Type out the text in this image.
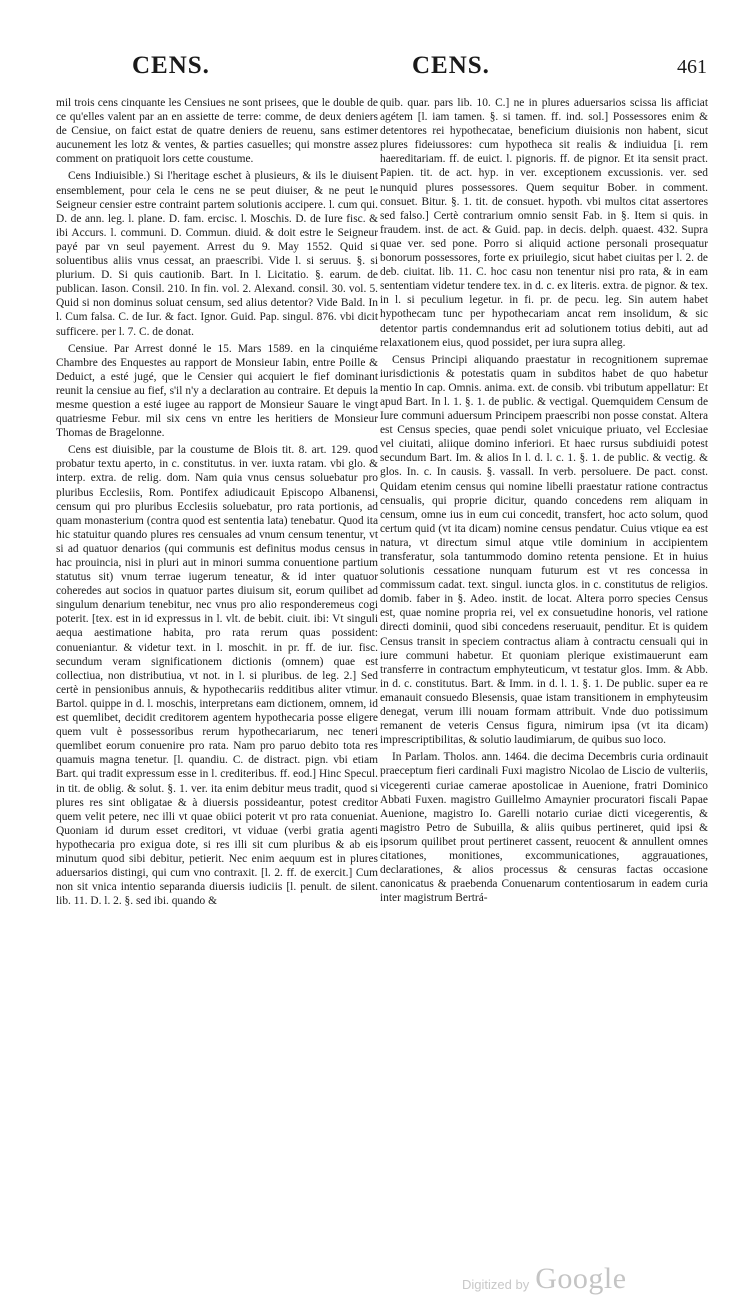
CENS.	CENS.	461

mil trois cens cinquante les Censiues ne sont prisees, que le double de ce qu'elles valent par an en assiette de terre: comme, de deux deniers de Censiue, on faict estat de quatre deniers de reuenu, sans estimer aucunement les lotz & ventes, & parties casuelles; qui monstre assez comment on pratiquoit lors cette coustume.

Cens Indiuisible.) Si l'heritage eschet à plusieurs, & ils le diuisent ensemblement, pour cela le cens ne se peut diuiser, & ne peut le Seigneur censier estre contraint partem solutionis accipere. l. cum qui. D. de ann. leg. l. plane. D. fam. ercisc. l. Moschis. D. de Iure fisc. & ibi Accurs. l. communi. D. Commun. diuid. & doit estre le Seigneur payé par vn seul payement. Arrest du 9. May 1552. Quid si soluentibus aliis vnus cessat, an praescribi. Vide l. si seruus. §. si plurium. D. Si quis cautionib. Bart. In l. Licitatio. §. earum. de publican. Iason. Consil. 210. In fin. vol. 2. Alexand. consil. 30. vol. 5. Quid si non dominus soluat censum, sed alius detentor? Vide Bald. In l. Cum falsa. C. de Iur. & fact. Ignor. Guid. Pap. singul. 876. vbi dicit sufficere. per l. 7. C. de donat.

Censiue. Par Arrest donné le 15. Mars 1589. en la cinquiéme Chambre des Enquestes au rapport de Monsieur Iabin, entre Poille & Deduict, a esté jugé, que le Censier qui acquiert le fief dominant reunit la censiue au fief, s'il n'y a declaration au contraire. Et depuis la mesme question a esté iugee au rapport de Monsieur Sauare le vingt quatriesme Febur. mil six cens vn entre les heritiers de Monsieur Thomas de Bragelonne.

Cens est diuisible, par la coustume de Blois tit. 8. art. 129. quod probatur textu aperto, in c. constitutus. in ver. iuxta ratam. vbi glo. & interp. extra. de relig. dom. Nam quia vnus census soluebatur pro pluribus Ecclesiis, Rom. Pontifex adiudicauit Episcopo Albanensi, censum qui pro pluribus Ecclesiis soluebatur, pro rata portionis, ad quam monasterium (contra quod est sententia lata) tenebatur. Quod ita hic statuitur quando plures res censuales ad vnum censum tenentur, vt si ad quatuor denarios (qui communis est definitus modus census in hac prouincia, nisi in pluri aut in minori summa conuentione partium statutus sit) vnum terrae iugerum teneatur, & id inter quatuor coheredes aut socios in quatuor partes diuisum sit, eorum quilibet ad singulum denarium tenebitur, nec vnus pro alio responderemeus cogi poterit. [tex. est in id expressus in l. vlt. de bebit. ciuit. ibi: Vt singuli aequa aestimatione habita, pro rata rerum quas possident: conueniantur. & videtur text. in l. moschit. in pr. ff. de iur. fisc. secundum veram significationem dictionis (omnem) quae est collectiua, non distributiua, vt not. in l. si pluribus. de leg. 2.] Sed certè in pensionibus annuis, & hypothecariis redditibus aliter vtimur. Bartol. quippe in d. l. moschis, interpretans eam dictionem, omnem, id est quemlibet, decidit creditorem agentem hypothecaria posse eligere quem vult è possessoribus rerum hypothecariarum, nec teneri quemlibet eorum conuenire pro rata. Nam pro paruo debito tota res quamuis magna tenetur. [l. quandiu. C. de distract. pign. vbi etiam Bart. qui tradit expressum esse in l. crediteribus. ff. eod.] Hinc Specul. in tit. de oblig. & solut. §. 1. ver. ita enim debitur meus tradit, quod si plures res sint obligatae & à diuersis possideantur, potest creditor quem velit petere, nec illi vt quae obiici poterit vt pro rata conueniat. Quoniam id durum esset creditori, vt viduae (verbi gratia agenti hypothecaria pro exigua dote, si res illi sit cum pluribus & ab eis minutum quod sibi debitur, petierit. Nec enim aequum est in plures aduersarios distingi, qui cum vno contraxit. [l. 2. ff. de exercit.] Cum non sit vnica intentio separanda diuersis iudiciis [l. penult. de silent. lib. 11. D. l. 2. §. sed ibi. quando &

quib. quar. pars lib. 10. C.] ne in plures aduersarios scissa lis afficiat agétem [l. iam tamen. §. si tamen. ff. ind. sol.] Possessores enim & detentores rei hypothecatae, beneficium diuisionis non habent, sicut plures fideiussores: cum hypotheca sit realis & indiuidua [i. rem haereditariam. ff. de euict. l. pignoris. ff. de pignor. Et ita sensit pract. Papien. tit. de act. hyp. in ver. exceptionem excussionis. ver. sed nunquid plures possessores. Quem sequitur Bober. in comment. consuet. Bitur. §. 1. tit. de consuet. hypoth. vbi multos citat assertores sed falso.] Certè contrarium omnio sensit Fab. in §. Item si quis. in fraudem. inst. de act. & Guid. pap. in decis. delph. quaest. 432. Supra quae ver. sed pone. Porro si aliquid actione personali prosequatur bonorum possessores, forte ex priuilegio, sicut habet ciuitas per l. 2. de deb. ciuitat. lib. 11. C. hoc casu non tenentur nisi pro rata, & in eam sententiam videtur tendere tex. in d. c. ex literis. extra. de pignor. & tex. in l. si peculium legetur. in fi. pr. de pecu. leg. Sin autem habet hypothecam tunc per hypothecariam ancat rem insolidum, & sic detentor partis condemnandus erit ad solutionem totius debiti, aut ad relaxationem eius, quod possidet, per iura supra alleg.

Census Principi aliquando praestatur in recognitionem supremae iurisdictionis & potestatis quam in subditos habet de quo habetur mentio In cap. Omnis. anima. ext. de consib. vbi tributum appellatur: Et apud Bart. In l. 1. §. 1. de public. & vectigal. Quemquidem Censum de Iure communi aduersum Principem praescribi non posse constat. Altera est Census species, quae pendi solet vnicuique priuato, vel Ecclesiae vel ciuitati, aliique domino inferiori. Et haec rursus subdiuidi potest secundum Bart. Im. & alios In l. d. l. c. 1. §. 1. de public. & vectig. & glos. In. c. In causis. §. vassall. In verb. persoluere. De pact. const. Quidam etenim census qui nomine libelli praestatur ratione contractus censualis, qui proprie dicitur, quando concedens rem aliquam in censum, omne ius in eum cui concedit, transfert, hoc acto solum, quod certum quid (vt ita dicam) nomine census pendatur. Cuius vtique ea est natura, vt directum simul atque vtile dominium in accipientem transferatur, sola tantummodo domino retenta pensione. Et in huius solutionis cessatione nunquam futurum est vt res concessa in commissum cadat. text. singul. iuncta glos. in c. constitutus de religios. domib. faber in §. Adeo. instit. de locat. Altera porro species Census est, quae nomine propria rei, vel ex consuetudine honoris, vel ratione directi dominii, quod sibi concedens reseruauit, penditur. Et is quidem Census transit in speciem contractus aliam à contractu censuali qui in iure communi habetur. Et quoniam plerique existimauerunt eam transferre in contractum emphyteuticum, vt testatur glos. Imm. & Abb. in d. c. constitutus. Bart. & Imm. in d. l. 1. §. 1. De public. super ea re emanauit consuedo Blesensis, quae istam transitionem in emphyteusim denegat, verum illi nouam formam attribuit. Vnde duo potissimum remanent de veteris Census figura, nimirum ipsa (vt ita dicam) imprescriptibilitas, & solutio laudimiarum, de quibus suo loco.

In Parlam. Tholos. ann. 1464. die decima Decembris curia ordinauit praeceptum fieri cardinali Fuxi magistro Nicolao de Liscio de vulteriis, vicegerenti curiae camerae apostolicae in Auenione, fratri Dominico Abbati Fuxen. magistro Guillelmo Amaynier procuratori fiscali Papae Auenione, magistro Io. Garelli notario curiae dicti vicegerentis, & magistro Petro de Subuilla, & aliis quibus pertineret, quid ipsi & ipsorum quilibet prout pertineret cassent, reuocent & annullent omnes citationes, monitiones, excommunicationes, aggrauationes, declarationes, & alios processus & censuras factas occasione canonicatus & praebenda Conuenarum contentiosarum in eadem curia inter magistrum Bertrá-

Digitized by Google
